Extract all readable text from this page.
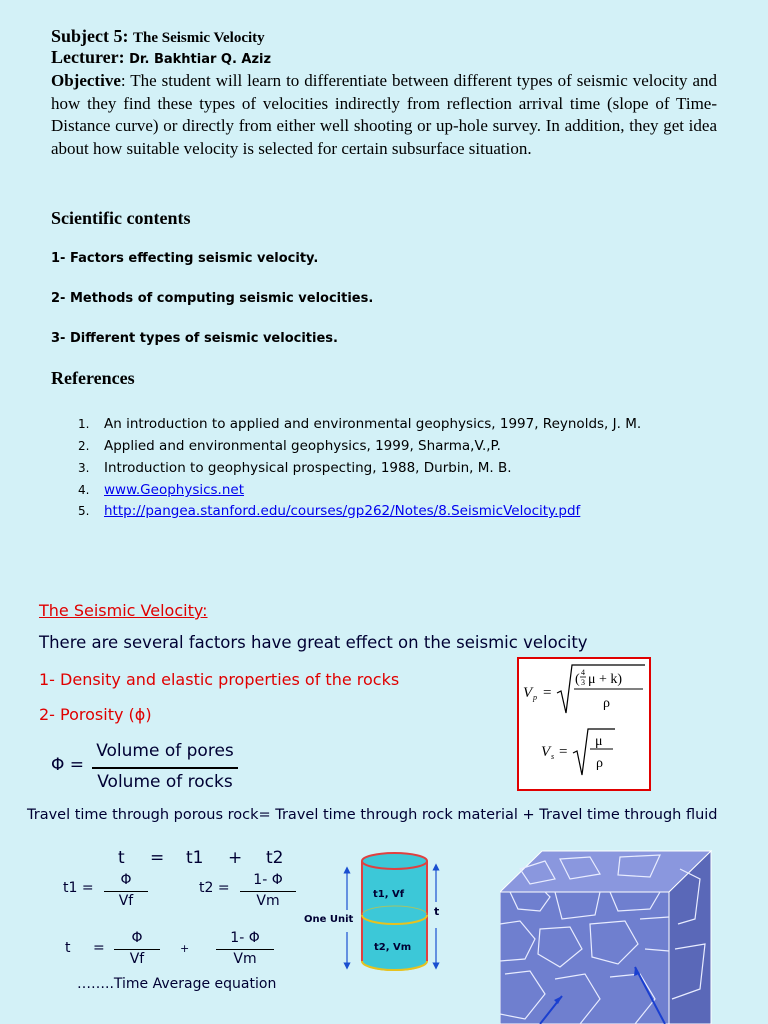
Subject 5: The Seismic Velocity
Lecturer: Dr. Bakhtiar Q. Aziz
Objective: The student will learn to differentiate between different types of seismic velocity and how they find these types of velocities indirectly from reflection arrival time (slope of Time-Distance curve) or directly from either well shooting or up-hole survey. In addition, they get idea about how suitable velocity is selected for certain subsurface situation.
Scientific contents
1- Factors effecting seismic velocity.
2- Methods of computing seismic velocities.
3- Different types of seismic velocities.
References
1. An introduction to applied and environmental geophysics, 1997, Reynolds, J. M.
2. Applied and environmental geophysics, 1999, Sharma,V.,P.
3. Introduction to geophysical prospecting, 1988, Durbin, M. B.
4. www.Geophysics.net
5. http://pangea.stanford.edu/courses/gp262/Notes/8.SeismicVelocity.pdf
The Seismic Velocity:
There are several factors have great effect on the seismic velocity
1- Density and elastic properties of the rocks
2- Porosity (ϕ)
Φ =
Volume of pores
Volume of rocks
V p =
( 4
3 μ + k)
ρ
V s =
μ
ρ
Travel time through porous rock= Travel time through rock material + Travel time through fluid
t = t1 + t2
t1 =	Φ
Vf
t2 =	1- Φ
Vm
t =
Φ
Vf
+
1- Φ
Vm
……..Time Average equation
t1, Vf
t2, Vm
One Unit
t
